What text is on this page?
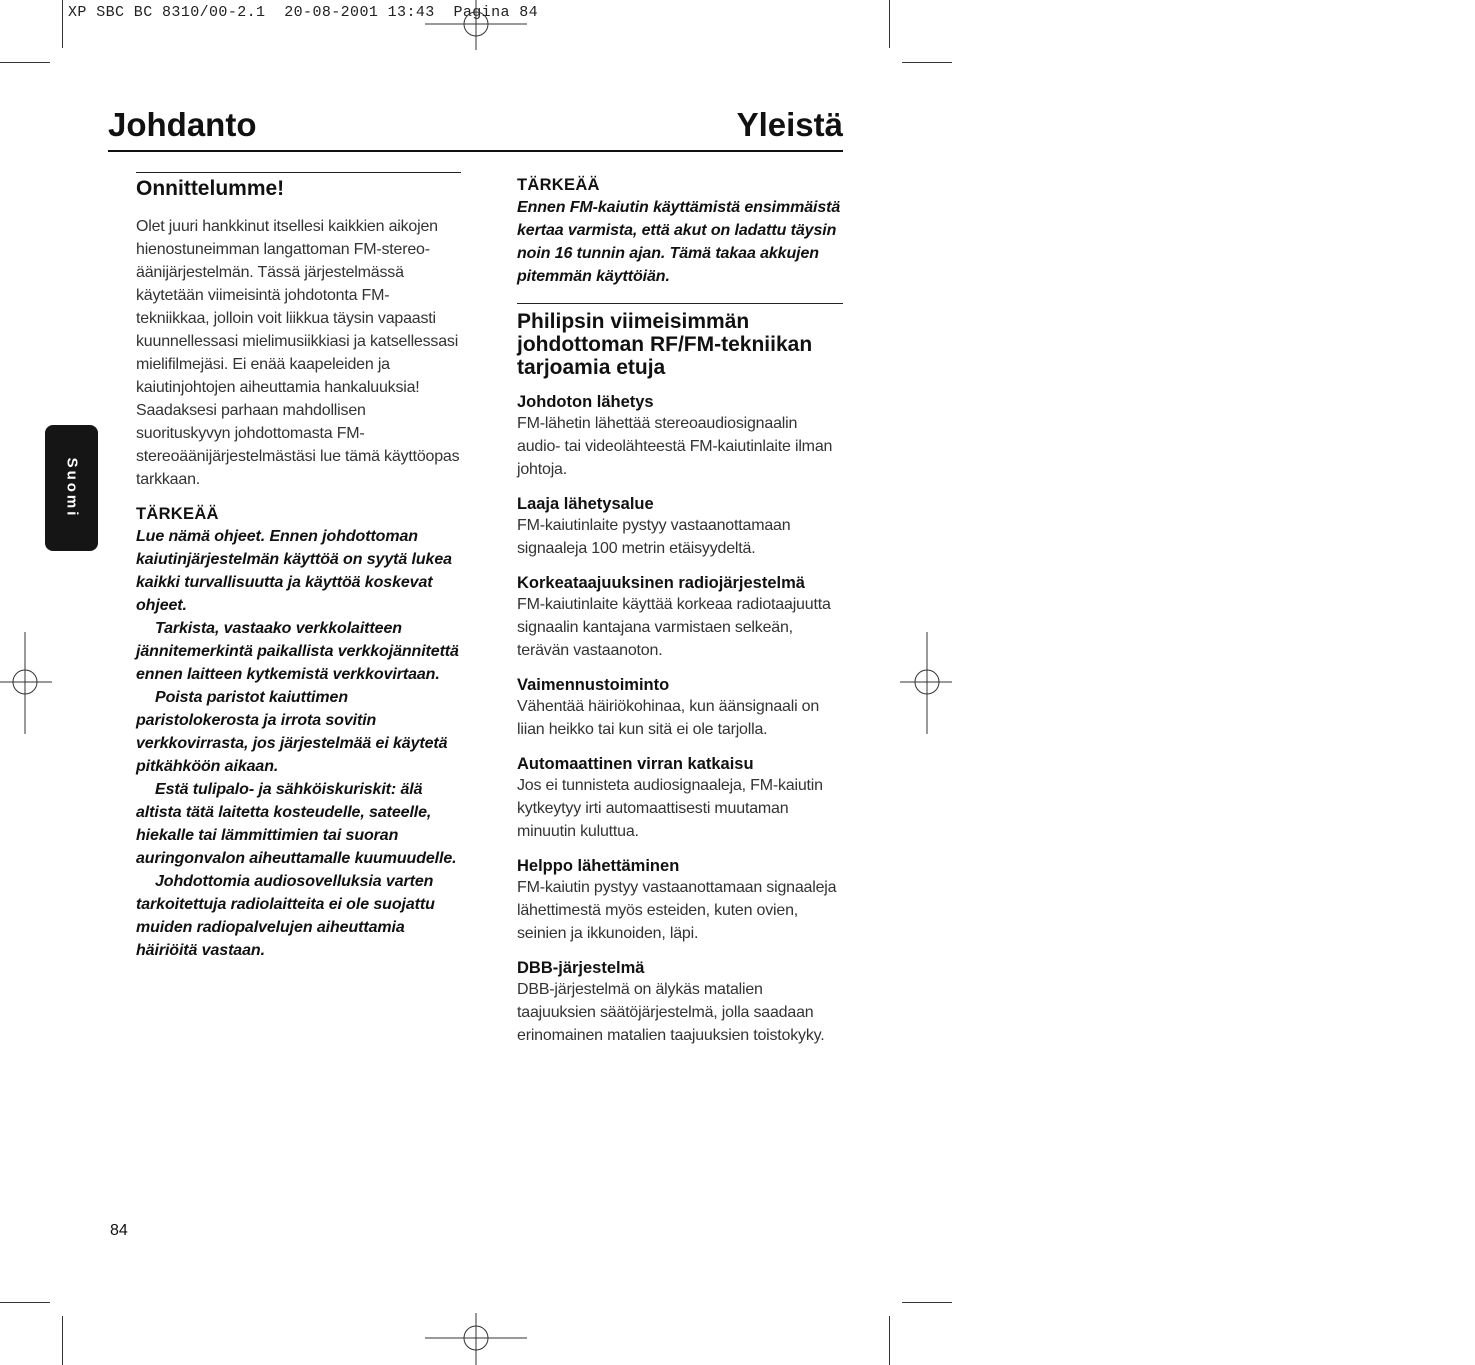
XP SBC BC 8310/00-2.1  20-08-2001 13:43  Pagina 84
Johdanto	Yleistä
Suomi
Onnittelumme!

Olet juuri hankkinut itsellesi kaikkien aikojen hienostuneimman langattoman FM-stereo-äänijärjestelmän. Tässä järjestelmässä käytetään viimeisintä johdotonta FM-tekniikkaa, jolloin voit liikkua täysin vapaasti kuunnellessasi mielimusiikkiasi ja katsellessasi mielifilmejäsi. Ei enää kaapeleiden ja kaiutinjohtojen aiheuttamia hankaluuksia! Saadaksesi parhaan mahdollisen suorituskyvyn johdottomasta FM-stereoäänijärjestelmästäsi lue tämä käyttöopas tarkkaan.

TÄRKEÄÄ

Lue nämä ohjeet. Ennen johdottoman kaiutinjärjestelmän käyttöä on syytä lukea kaikki turvallisuutta ja käyttöä koskevat ohjeet.

Tarkista, vastaako verkkolaitteen jännitemerkintä paikallista verkkojännitettä ennen laitteen kytkemistä verkkovirtaan.

Poista paristot kaiuttimen paristolokerosta ja irrota sovitin verkkovirrasta, jos järjestelmää ei käytetä pitkähköön aikaan.

Estä tulipalo- ja sähköiskuriskit: älä altista tätä laitetta kosteudelle, sateelle, hiekalle tai lämmittimien tai suoran auringonvalon aiheuttamalle kuumuudelle.

Johdottomia audiosovelluksia varten tarkoitettuja radiolaitteita ei ole suojattu muiden radiopalvelujen aiheuttamia häiriöitä vastaan.

TÄRKEÄÄ

Ennen FM-kaiutin käyttämistä ensimmäistä kertaa varmista, että akut on ladattu täysin noin 16 tunnin ajan. Tämä takaa akkujen pitemmän käyttöiän.

Philipsin viimeisimmän johdottoman RF/FM-tekniikan tarjoamia etuja
Johdoton lähetys

FM-lähetin lähettää stereoaudiosignaalin audio- tai videolähteestä FM-kaiutinlaite ilman johtoja.

Laaja lähetysalue

FM-kaiutinlaite pystyy vastaanottamaan signaaleja 100 metrin etäisyydeltä.

Korkeataajuuksinen radiojärjestelmä

FM-kaiutinlaite käyttää korkeaa radiotaajuutta signaalin kantajana varmistaen selkeän, terävän vastaanoton.

Vaimennustoiminto

Vähentää häiriökohinaa, kun äänsignaali on liian heikko tai kun sitä ei ole tarjolla.

Automaattinen virran katkaisu

Jos ei tunnisteta audiosignaaleja, FM-kaiutin kytkeytyy irti automaattisesti muutaman minuutin kuluttua.

Helppo lähettäminen

FM-kaiutin pystyy vastaanottamaan signaaleja lähettimestä myös esteiden, kuten ovien, seinien ja ikkunoiden, läpi.

DBB-järjestelmä

DBB-järjestelmä on älykäs matalien taajuuksien säätöjärjestelmä, jolla saadaan erinomainen matalien taajuuksien toistokyky.

84
